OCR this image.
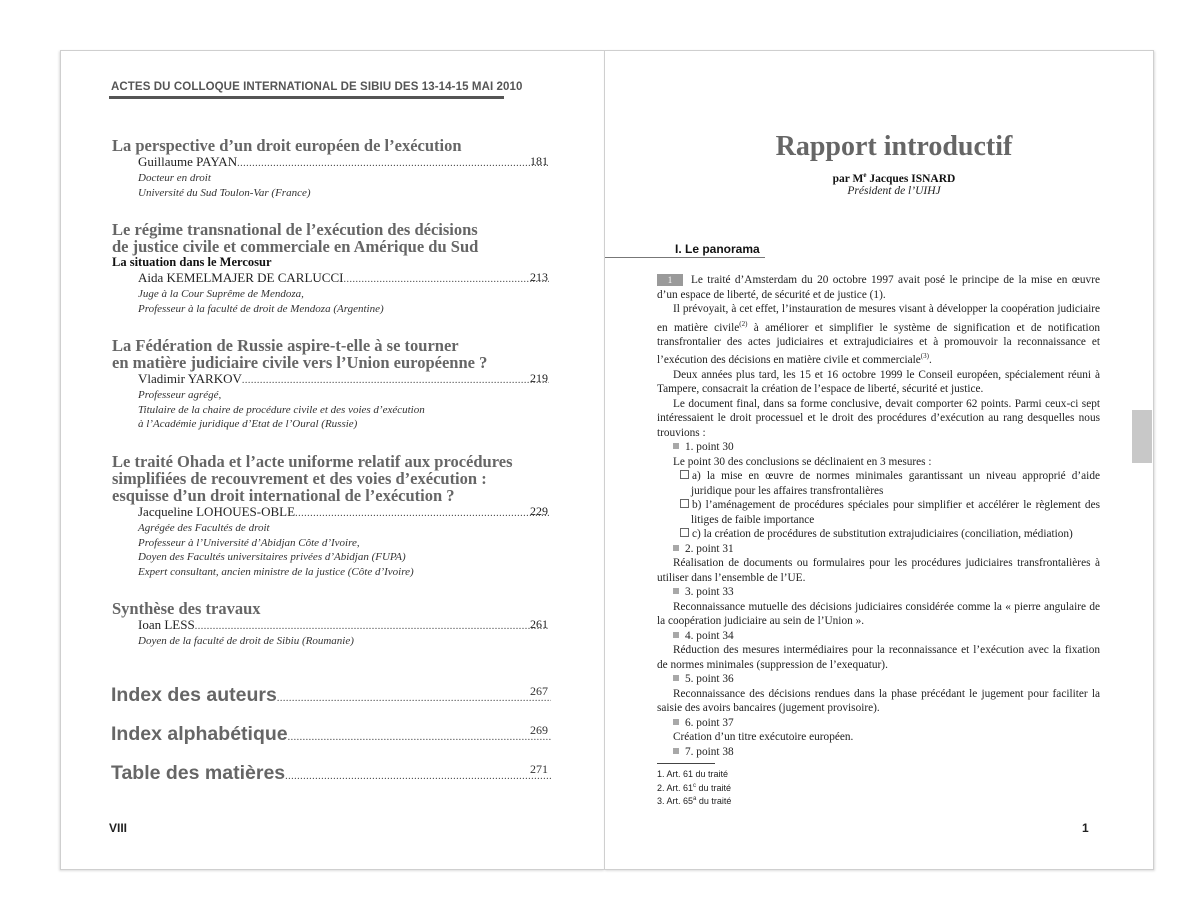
ACTES DU COLLOQUE INTERNATIONAL DE SIBIU DES 13-14-15 MAI 2010
La perspective d’un droit européen de l’exécution
Guillaume PAYAN .....	181
Docteur en droit
Université du Sud Toulon-Var (France)
Le régime transnational de l’exécution des décisions
de justice civile et commerciale en Amérique du Sud
La situation dans le Mercosur
Aida KEMELMAJER DE CARLUCCI .....	213
Juge à la Cour Suprême de Mendoza,
Professeur à la faculté de droit de Mendoza (Argentine)
La Fédération de Russie aspire-t-elle à se tourner
en matière judiciaire civile vers l’Union européenne ?
Vladimir YARKOV .....	219
Professeur agrégé,
Titulaire de la chaire de procédure civile et des voies d’exécution
à l’Académie juridique d’Etat de l’Oural (Russie)
Le traité Ohada et l’acte uniforme relatif aux procédures
simplifiées de recouvrement et des voies d’exécution :
esquisse d’un droit international de l’exécution ?
Jacqueline LOHOUES-OBLE .....	229
Agrégée des Facultés de droit
Professeur à l’Université d’Abidjan Côte d’Ivoire,
Doyen des Facultés universitaires privées d’Abidjan (FUPA)
Expert consultant, ancien ministre de la justice (Côte d’Ivoire)
Synthèse des travaux
Ioan LESS .....	261
Doyen de la faculté de droit de Sibiu (Roumanie)
Index des auteurs
.....	267
Index alphabétique
.....	269
Table des matières
.....	271
VIII
Rapport introductif
par Me Jacques ISNARD
Président de l’UIHJ
I. Le panorama

1 Le traité d’Amsterdam du 20 octobre 1997 avait posé le principe de la mise en œuvre d’un espace de liberté, de sécurité et de justice (1).

Il prévoyait, à cet effet, l’instauration de mesures visant à développer la coopération judiciaire en matière civile$^{(2)}$ à améliorer et simplifier le système de signification et de notification transfrontalier des actes judiciaires et extrajudiciaires et à promouvoir la reconnaissance et l’exécution des décisions en matière civile et commerciale$^{(3)}$.

Deux années plus tard, les 15 et 16 octobre 1999 le Conseil européen, spécialement réuni à Tampere, consacrait la création de l’espace de liberté, sécurité et justice.

Le document final, dans sa forme conclusive, devait comporter 62 points. Parmi ceux-ci sept intéressaient le droit processuel et le droit des procédures d’exécution au rang desquelles nous trouvions :

1. point 30

Le point 30 des conclusions se déclinaient en 3 mesures :

a) la mise en œuvre de normes minimales garantissant un niveau approprié d’aide juridique pour les affaires transfrontalières

b) l’aménagement de procédures spéciales pour simplifier et accélérer le règlement des litiges de faible importance

c) la création de procédures de substitution extrajudiciaires (conciliation, médiation)

2. point 31

Réalisation de documents ou formulaires pour les procédures judiciaires transfrontalières à utiliser dans l’ensemble de l’UE.

3. point 33

Reconnaissance mutuelle des décisions judiciaires considérée comme la « pierre angulaire de la coopération judiciaire au sein de l’Union ».

4. point 34

Réduction des mesures intermédiaires pour la reconnaissance et l’exécution avec la fixation de normes minimales (suppression de l’exequatur).

5. point 36

Reconnaissance des décisions rendues dans la phase précédant le jugement pour faciliter la saisie des avoirs bancaires (jugement provisoire).

6. point 37

Création d’un titre exécutoire européen.

7. point 38

1. Art. 61 du traité
2. Art. 61$^c$ du traité
3. Art. 65$^a$ du traité
1
